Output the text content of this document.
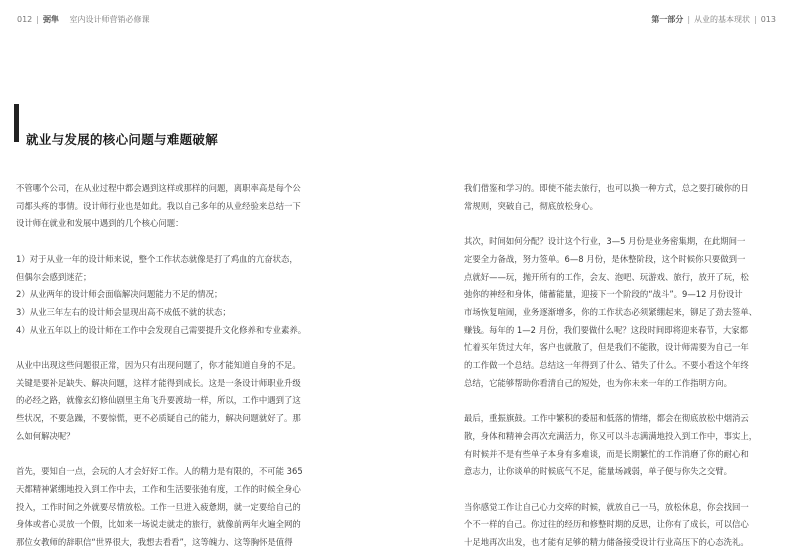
012 | 弼隼 室内设计师营销必修课	第一部分 | 从业的基本现状 | 013
就业与发展的核心问题与难题破解

不管哪个公司，在从业过程中都会遇到这样或那样的问题，离职率高是每个公

司都头疼的事情。设计师行业也是如此。我以自己多年的从业经验来总结一下

设计师在就业和发展中遇到的几个核心问题：

1）对于从业一年的设计师来说，整个工作状态就像是打了鸡血的亢奋状态，

但偶尔会感到迷茫；

2）从业两年的设计师会面临解决问题能力不足的情况；

3）从业三年左右的设计师会显现出高不成低不就的状态；

4）从业五年以上的设计师在工作中会发现自己需要提升文化修养和专业素养。

从业中出现这些问题很正常，因为只有出现问题了，你才能知道自身的不足。

关键是要补足缺失、解决问题，这样才能得到成长。这是一条设计师职业升级

的必经之路，就像玄幻修仙剧里主角飞升要渡劫一样，所以，工作中遇到了这

些状况，不要急躁，不要惊慌，更不必质疑自己的能力，解决问题就好了。那

么如何解决呢？

首先，要知自一点，会玩的人才会好好工作。人的精力是有限的，不可能 365

天都精神紧绷地投入到工作中去，工作和生活要张弛有度，工作的时候全身心

投入，工作时间之外就要尽情放松。工作一旦进入疲惫期，就一定要给自己的

身体或者心灵放一个假，比如来一场说走就走的旅行，就像前两年火遍全网的

那位女教师的辞职信“世界很大，我想去看看”，这等魄力、这等胸怀是值得

我们借鉴和学习的。即使不能去旅行，也可以换一种方式，总之要打破你的日

常规则，突破自己，彻底放松身心。

其次，时间如何分配？设计这个行业，3—5 月份是业务密集期，在此期间一

定要全力备战，努力签单。6—8 月份，是休整阶段，这个时候你只要做到一

点就好——玩，抛开所有的工作，会友、泡吧、玩游戏、旅行，放开了玩，松

弛你的神经和身体，储蓄能量，迎接下一个阶段的“战斗”。9—12 月份设计

市场恢复喧闹，业务逐渐增多，你的工作状态必须紧绷起来，铆足了劲去签单、

赚钱。每年的 1—2 月份，我们要做什么呢？这段时间即将迎来春节，大家都

忙着买年货过大年，客户也就散了，但是我们不能散，设计师需要为自己一年

的工作做一个总结。总结这一年得到了什么、错失了什么。不要小看这个年终

总结，它能够帮助你看清自己的短处，也为你未来一年的工作指明方向。

最后，重振旗鼓。工作中繁积的委屈和低落的情绪，都会在彻底放松中烟消云

散，身体和精神会再次充满活力，你又可以斗志满满地投入到工作中，事实上，

有时候并不是有些单子本身有多难谈，而是长期繁忙的工作消磨了你的耐心和

意志力，让你谈单的时候底气不足，能量场减弱，单子便与你失之交臂。

当你感觉工作让自己心力交瘁的时候，就放自己一马，放松休息，你会找回一

个不一样的自己。你过往的经历和修整时期的反思，让你有了成长，可以信心

十足地再次出发，也才能有足够的精力储备接受设计行业高压下的心态洗礼。
